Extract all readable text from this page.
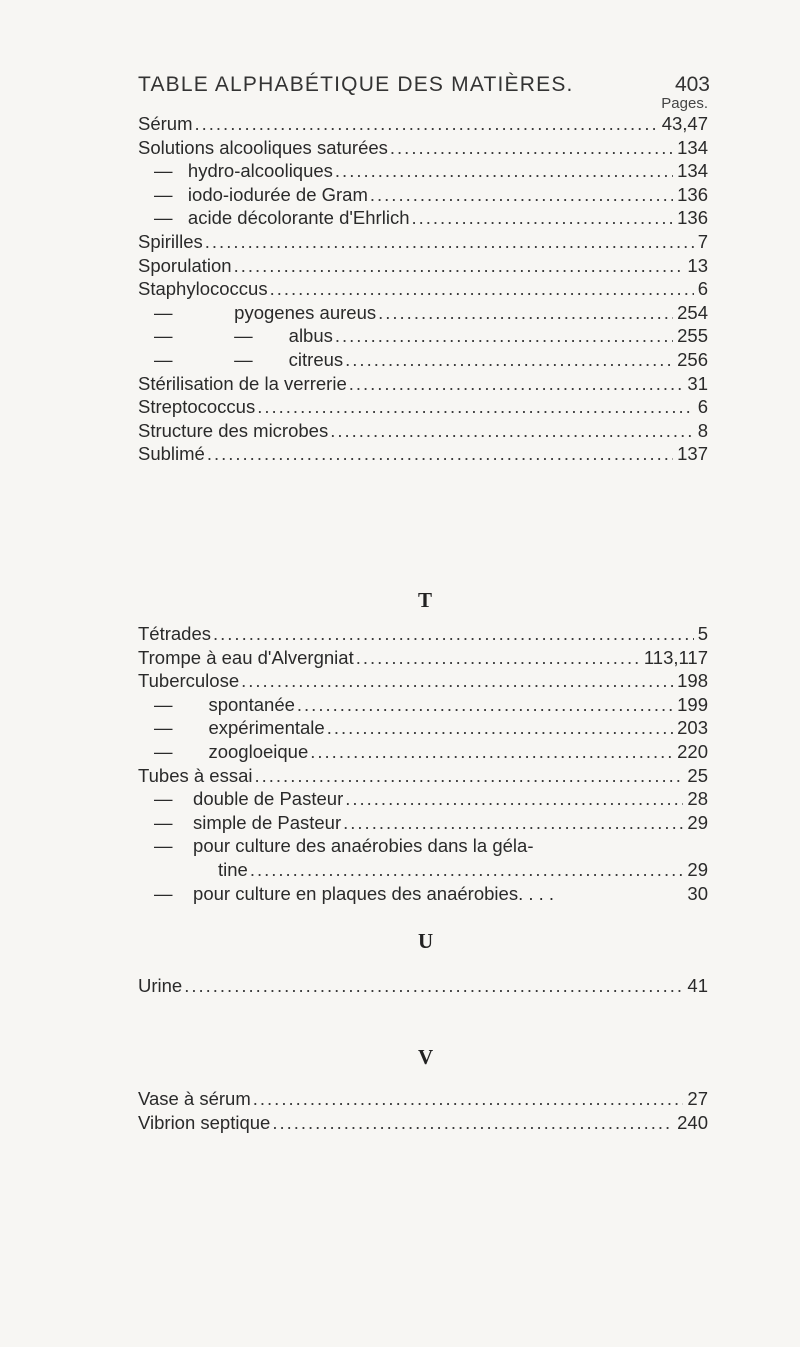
TABLE ALPHABÉTIQUE DES MATIÈRES.	403
Pages.
Sérum .....	43,47
Solutions alcooliques saturées .....	134
—   hydro-alcooliques .....	134
—   iodo-iodurée de Gram .....	136
—   acide décolorante d'Ehrlich .....	136
Spirilles .....	7
Sporulation .....	13
Staphylococcus .....	6
—            pyogenes aureus .....	254
—            —       albus .....	255
—            —       citreus .....	256
Stérilisation de la verrerie .....	31
Streptococcus .....	6
Structure des microbes .....	8
Sublimé .....	137
T
Tétrades .....	5
Trompe à eau d'Alvergniat .....	113,117
Tuberculose .....	198
—       spontanée .....	199
—       expérimentale .....	203
—       zoogloeique .....	220
Tubes à essai .....	25
—    double de Pasteur .....	28
—    simple de Pasteur .....	29
—    pour culture des anaérobies dans la géla-
tine .....	29
—    pour culture en plaques des anaérobies. . . .	30
U
Urine .....	41
V
Vase à sérum .....	27
Vibrion septique .....	240
